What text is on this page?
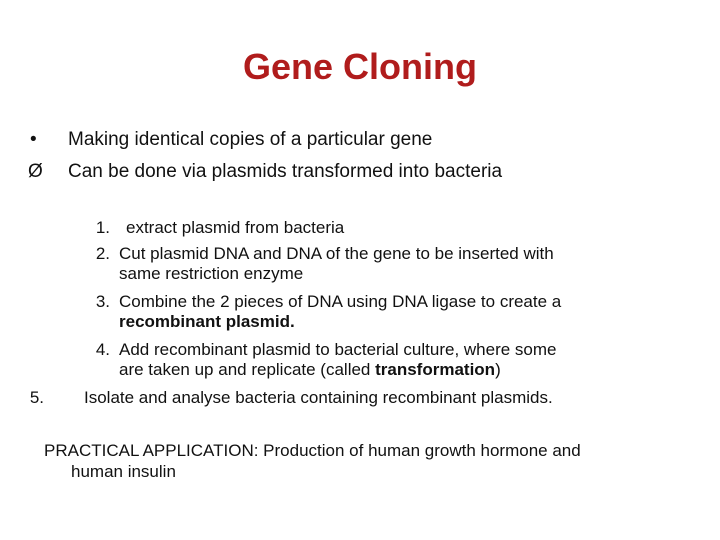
Gene Cloning
• Making identical copies of a particular gene
Ø Can be done via plasmids transformed into bacteria
1. extract plasmid from bacteria
2. Cut plasmid DNA and DNA of the gene to be inserted with
same restriction enzyme
3. Combine the 2 pieces of DNA using DNA ligase to create a
recombinant plasmid.
4. Add recombinant plasmid to bacterial culture, where some
are taken up and replicate (called transformation)
5. Isolate and analyse bacteria containing recombinant plasmids.
PRACTICAL APPLICATION: Production of human growth hormone and
human insulin
